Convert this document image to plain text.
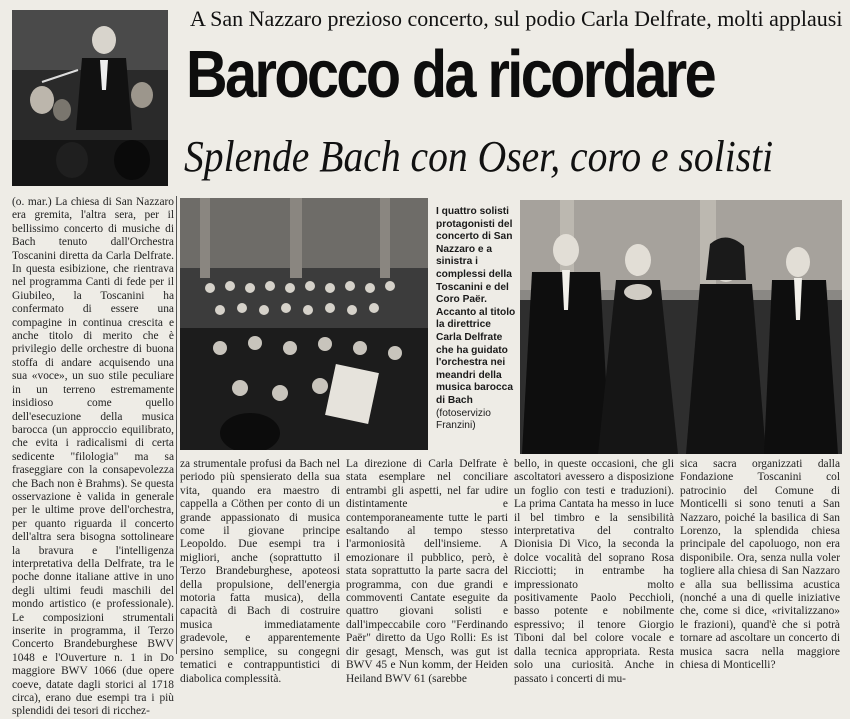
A San Nazzaro prezioso concerto, sul podio Carla Delfrate, molti applausi
Barocco da ricordare
Splende Bach con Oser, coro e solisti
I quattro solisti protagonisti del concerto di San Nazzaro e a sinistra i complessi della Toscanini e del Coro Paër. Accanto al titolo la direttrice Carla Delfrate che ha guidato l'orchestra nei meandri della musica barocca di Bach
(fotoservizio Franzini)

(o. mar.) La chiesa di San Nazzaro era gremita, l'altra sera, per il bellissimo concerto di musiche di Bach tenuto dall'Orchestra Toscanini diretta da Carla Delfrate. In questa esibizione, che rientrava nel programma Canti di fede per il Giubileo, la Toscanini ha confermato di essere una compagine in continua crescita e anche titolo di merito che è privilegio delle orchestre di buona stoffa di andare acquisendo una sua «voce», un suo stile peculiare in un terreno estremamente insidioso come quello dell'esecuzione della musica barocca (un approccio equilibrato, che evita i radicalismi di certa sedicente "filologia" ma sa fraseggiare con la consapevolezza che Bach non è Brahms). Se questa osservazione è valida in generale per le ultime prove dell'orchestra, per quanto riguarda il concerto dell'altra sera bisogna sottolineare la bravura e l'intelligenza interpretativa della Delfrate, tra le poche donne italiane attive in uno degli ultimi feudi maschili del mondo artistico (e professionale). Le composizioni strumentali inserite in programma, il Terzo Concerto Brandeburghese BWV 1048 e l'Ouverture n. 1 in Do maggiore BWV 1066 (due opere coeve, datate dagli storici al 1718 circa), erano due esempi tra i più splendidi dei tesori di ricchez-

za strumentale profusi da Bach nel periodo più spensierato della sua vita, quando era maestro di cappella a Cöthen per conto di un grande appassionato di musica come il giovane principe Leopoldo. Due esempi tra i migliori, anche (soprattutto il Terzo Brandeburghese, apoteosi della propulsione, dell'energia motoria fatta musica), della capacità di Bach di costruire musica immediatamente gradevole, e apparentemente persino semplice, su congegni tematici e contrappuntistici di diabolica complessità.

La direzione di Carla Delfrate è stata esemplare nel conciliare entrambi gli aspetti, nel far udire distintamente e contemporaneamente tutte le parti esaltando al tempo stesso l'armoniosità dell'insieme. A emozionare il pubblico, però, è stata soprattutto la parte sacra del programma, con due grandi e commoventi Cantate eseguite da quattro giovani solisti e dall'impeccabile coro "Ferdinando Paër" diretto da Ugo Rolli: Es ist dir gesagt, Mensch, was gut ist BWV 45 e Nun komm, der Heiden Heiland BWV 61 (sarebbe

bello, in queste occasioni, che gli ascoltatori avessero a disposizione un foglio con testi e traduzioni). La prima Cantata ha messo in luce il bel timbro e la sensibilità interpretativa del contralto Dionisia Di Vico, la seconda la dolce vocalità del soprano Rosa Ricciotti; in entrambe ha impressionato molto positivamente Paolo Pecchioli, basso potente e nobilmente espressivo; il tenore Giorgio Tiboni dal bel colore vocale e dalla tecnica appropriata. Resta solo una curiosità. Anche in passato i concerti di mu-

sica sacra organizzati dalla Fondazione Toscanini col patrocinio del Comune di Monticelli si sono tenuti a San Nazzaro, poiché la basilica di San Lorenzo, la splendida chiesa principale del capoluogo, non era disponibile. Ora, senza nulla voler togliere alla chiesa di San Nazzaro e alla sua bellissima acustica (nonché a una di quelle iniziative che, come si dice, «rivitalizzano» le frazioni), quand'è che si potrà tornare ad ascoltare un concerto di musica sacra nella maggiore chiesa di Monticelli?
